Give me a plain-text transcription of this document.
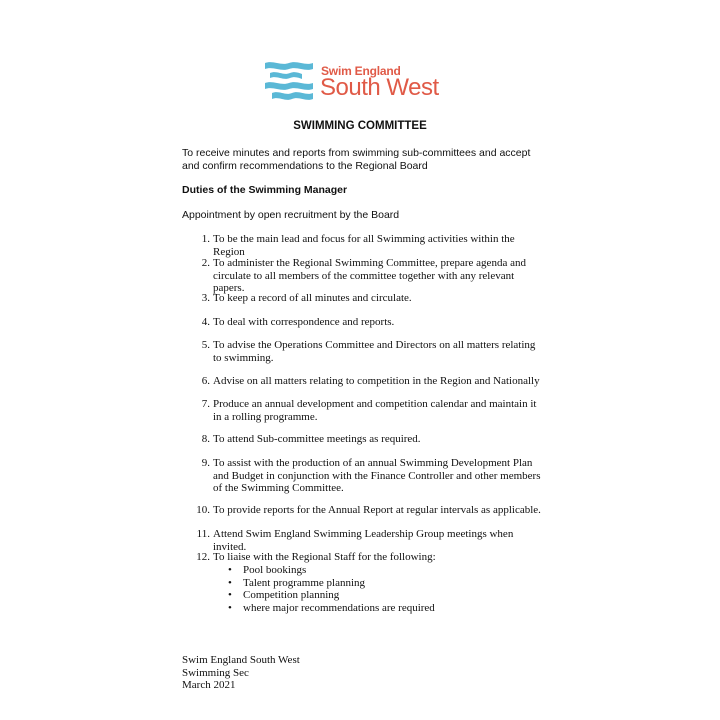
Swim England
South West
SWIMMING COMMITTEE
To receive minutes and reports from swimming sub-committees and accept and confirm recommendations to the Regional Board
Duties of the Swimming Manager
Appointment by open recruitment by the Board
1. To be the main lead and focus for all Swimming activities within the Region
2. To administer the Regional Swimming Committee, prepare agenda and circulate to all members of the committee together with any relevant papers.
3. To keep a record of all minutes and circulate.
4. To deal with correspondence and reports.
5. To advise the Operations Committee and Directors on all matters relating to swimming.
6. Advise on all matters relating to competition in the Region and Nationally
7. Produce an annual development and competition calendar and maintain it in a rolling programme.
8. To attend Sub-committee meetings as required.
9. To assist with the production of an annual Swimming Development Plan and Budget in conjunction with the Finance Controller and other members of the Swimming Committee.
10. To provide reports for the Annual Report at regular intervals as applicable.
11. Attend Swim England Swimming Leadership Group meetings when invited.
12. To liaise with the Regional Staff for the following:
• Pool bookings
• Talent programme planning
• Competition planning
• where major recommendations are required
Swim England South West
Swimming Sec
March 2021
